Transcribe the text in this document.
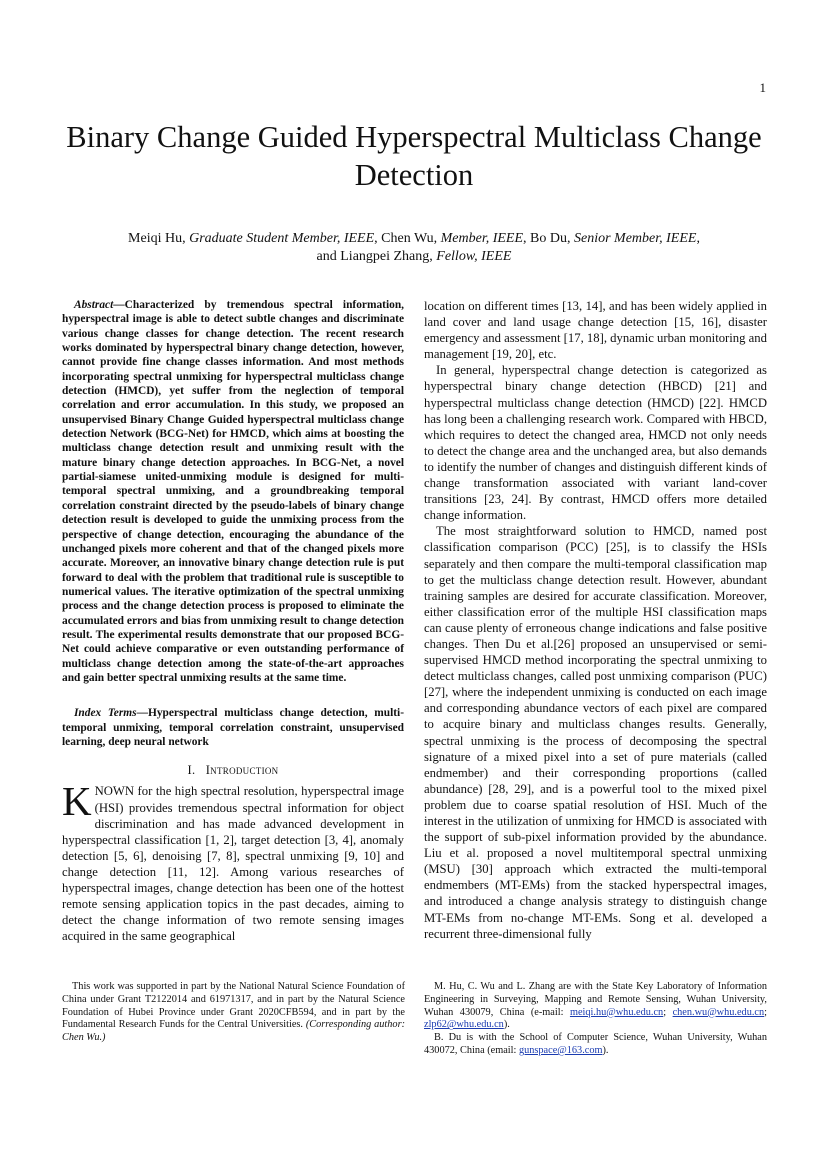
1
Binary Change Guided Hyperspectral Multiclass Change Detection
Meiqi Hu, Graduate Student Member, IEEE, Chen Wu, Member, IEEE, Bo Du, Senior Member, IEEE,
and Liangpei Zhang, Fellow, IEEE

Abstract—Characterized by tremendous spectral information, hyperspectral image is able to detect subtle changes and discriminate various change classes for change detection. The recent research works dominated by hyperspectral binary change detection, however, cannot provide fine change classes information. And most methods incorporating spectral unmixing for hyperspectral multiclass change detection (HMCD), yet suffer from the neglection of temporal correlation and error accumulation. In this study, we proposed an unsupervised Binary Change Guided hyperspectral multiclass change detection Network (BCG-Net) for HMCD, which aims at boosting the multiclass change detection result and unmixing result with the mature binary change detection approaches. In BCG-Net, a novel partial-siamese united-unmixing module is designed for multi-temporal spectral unmixing, and a groundbreaking temporal correlation constraint directed by the pseudo-labels of binary change detection result is developed to guide the unmixing process from the perspective of change detection, encouraging the abundance of the unchanged pixels more coherent and that of the changed pixels more accurate. Moreover, an innovative binary change detection rule is put forward to deal with the problem that traditional rule is susceptible to numerical values. The iterative optimization of the spectral unmixing process and the change detection process is proposed to eliminate the accumulated errors and bias from unmixing result to change detection result. The experimental results demonstrate that our proposed BCG-Net could achieve comparative or even outstanding performance of multiclass change detection among the state-of-the-art approaches and gain better spectral unmixing results at the same time.

Index Terms—Hyperspectral multiclass change detection, multi-temporal unmixing, temporal correlation constraint, unsupervised learning, deep neural network

I. Introduction

KNOWN for the high spectral resolution, hyperspectral image (HSI) provides tremendous spectral information for object discrimination and has made advanced development in hyperspectral classification [1, 2], target detection [3, 4], anomaly detection [5, 6], denoising [7, 8], spectral unmixing [9, 10] and change detection [11, 12]. Among various researches of hyperspectral images, change detection has been one of the hottest remote sensing application topics in the past decades, aiming to detect the change information of two remote sensing images acquired in the same geographical

location on different times [13, 14], and has been widely applied in land cover and land usage change detection [15, 16], disaster emergency and assessment [17, 18], dynamic urban monitoring and management [19, 20], etc.

In general, hyperspectral change detection is categorized as hyperspectral binary change detection (HBCD) [21] and hyperspectral multiclass change detection (HMCD) [22]. HMCD has long been a challenging research work. Compared with HBCD, which requires to detect the changed area, HMCD not only needs to detect the change area and the unchanged area, but also demands to identify the number of changes and distinguish different kinds of change transformation associated with variant land-cover transitions [23, 24]. By contrast, HMCD offers more detailed change information.

The most straightforward solution to HMCD, named post classification comparison (PCC) [25], is to classify the HSIs separately and then compare the multi-temporal classification map to get the multiclass change detection result. However, abundant training samples are desired for accurate classification. Moreover, either classification error of the multiple HSI classification maps can cause plenty of erroneous change indications and false positive changes. Then Du et al.[26] proposed an unsupervised or semi-supervised HMCD method incorporating the spectral unmixing to detect multiclass changes, called post unmixing comparison (PUC) [27], where the independent unmixing is conducted on each image and corresponding abundance vectors of each pixel are compared to acquire binary and multiclass changes results. Generally, spectral unmixing is the process of decomposing the spectral signature of a mixed pixel into a set of pure materials (called endmember) and their corresponding proportions (called abundance) [28, 29], and is a powerful tool to the mixed pixel problem due to coarse spatial resolution of HSI. Much of the interest in the utilization of unmixing for HMCD is associated with the support of sub-pixel information provided by the abundance. Liu et al. proposed a novel multitemporal spectral unmixing (MSU) [30] approach which extracted the multi-temporal endmembers (MT-EMs) from the stacked hyperspectral images, and introduced a change analysis strategy to distinguish change MT-EMs from no-change MT-EMs. Song et al. developed a recurrent three-dimensional fully

This work was supported in part by the National Natural Science Foundation of China under Grant T2122014 and 61971317, and in part by the Natural Science Foundation of Hubei Province under Grant 2020CFB594, and in part by the Fundamental Research Funds for the Central Universities. (Corresponding author: Chen Wu.)

M. Hu, C. Wu and L. Zhang are with the State Key Laboratory of Information Engineering in Surveying, Mapping and Remote Sensing, Wuhan University, Wuhan 430079, China (e-mail: meiqi.hu@whu.edu.cn; chen.wu@whu.edu.cn; zlp62@whu.edu.cn).

B. Du is with the School of Computer Science, Wuhan University, Wuhan 430072, China (email: gunspace@163.com).
